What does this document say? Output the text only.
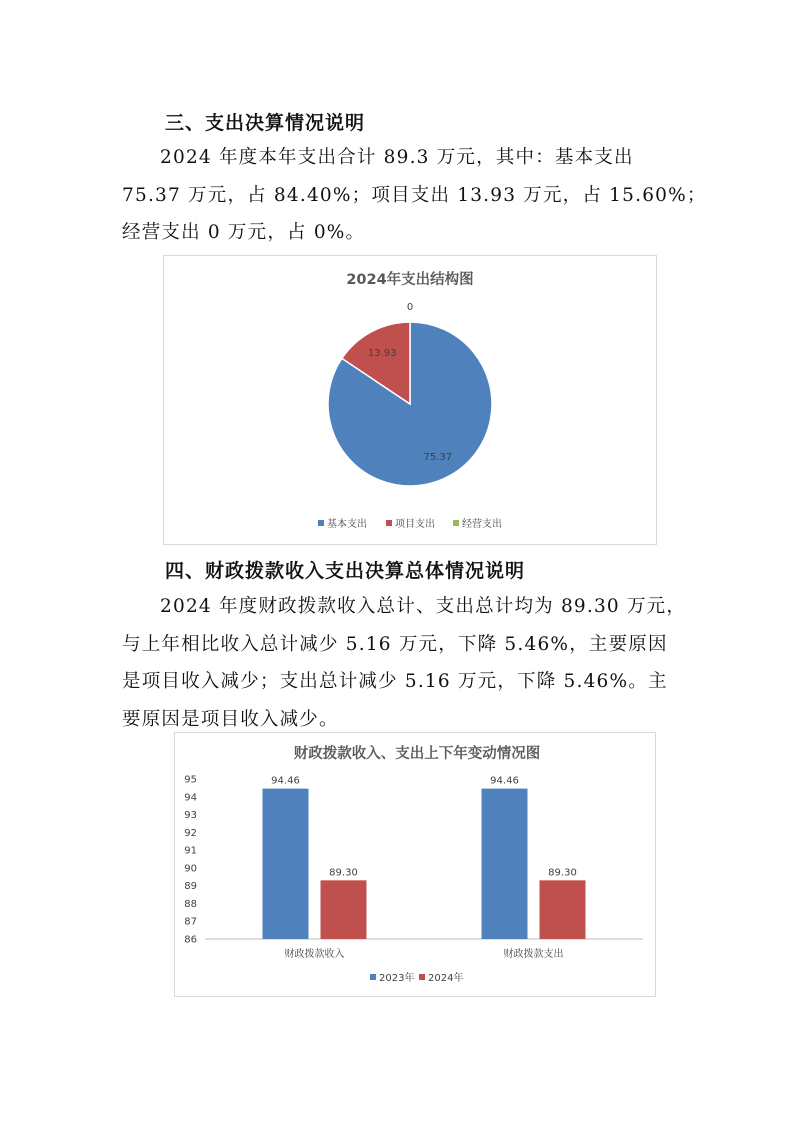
三、支出决算情况说明
2024 年度本年支出合计 89.3 万元，其中：基本支出
75.37 万元，占 84.40%；项目支出 13.93 万元，占 15.60%；
经营支出 0 万元，占 0%。
2024年支出结构图
75.37
13.93
0
基本支出	项目支出	经营支出
四、财政拨款收入支出决算总体情况说明
2024 年度财政拨款收入总计、支出总计均为 89.30 万元，
与上年相比收入总计减少 5.16 万元，下降 5.46%，主要原因
是项目收入减少；支出总计减少 5.16 万元，下降 5.46%。主
要原因是项目收入减少。
财政拨款收入、支出上下年变动情况图
86
87
88
89
90
91
92
93
94
95	94.46
89.30
94.46
89.30
财政拨款收入	财政拨款支出
2023年 2024年
